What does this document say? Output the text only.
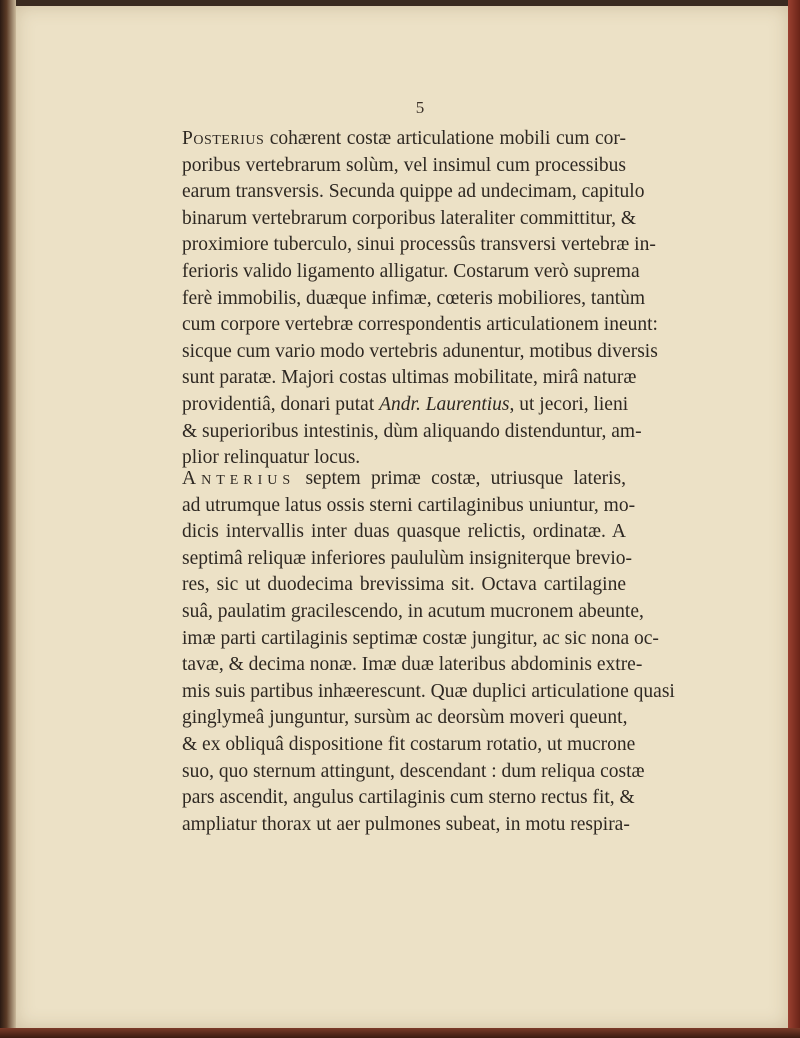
5
Posterius cohærent costæ articulatione mobili cum cor-
poribus vertebrarum solùm, vel insimul cum processibus
earum transversis. Secunda quippe ad undecimam, capitulo
binarum vertebrarum corporibus lateraliter committitur, &
proximiore tuberculo, sinui processûs transversi vertebræ in-
ferioris valido ligamento alligatur. Costarum verò suprema
ferè immobilis, duæque infimæ, cœteris mobiliores, tantùm
cum corpore vertebræ correspondentis articulationem ineunt:
sicque cum vario modo vertebris adunentur, motibus diversis
sunt paratæ. Majori costas ultimas mobilitate, mirâ naturæ
providentiâ, donari putat Andr. Laurentius, ut jecori, lieni
& superioribus intestinis, dùm aliquando distenduntur, am-
plior relinquatur locus.
Anterius septem primæ costæ, utriusque lateris,
ad utrumque latus ossis sterni cartilaginibus uniuntur, mo-
dicis intervallis inter duas quasque relictis, ordinatæ. A
septimâ reliquæ inferiores paululùm insigniterque brevio-
res, sic ut duodecima brevissima sit. Octava cartilagine
suâ, paulatim gracilescendo, in acutum mucronem abeunte,
imæ parti cartilaginis septimæ costæ jungitur, ac sic nona oc-
tavæ, & decima nonæ. Imæ duæ lateribus abdominis extre-
mis suis partibus inhæerescunt. Quæ duplici articulatione quasi
ginglymeâ junguntur, sursùm ac deorsùm moveri queunt,
& ex obliquâ dispositione fit costarum rotatio, ut mucrone
suo, quo sternum attingunt, descendant : dum reliqua costæ
pars ascendit, angulus cartilaginis cum sterno rectus fit, &
ampliatur thorax ut aer pulmones subeat, in motu respira-
